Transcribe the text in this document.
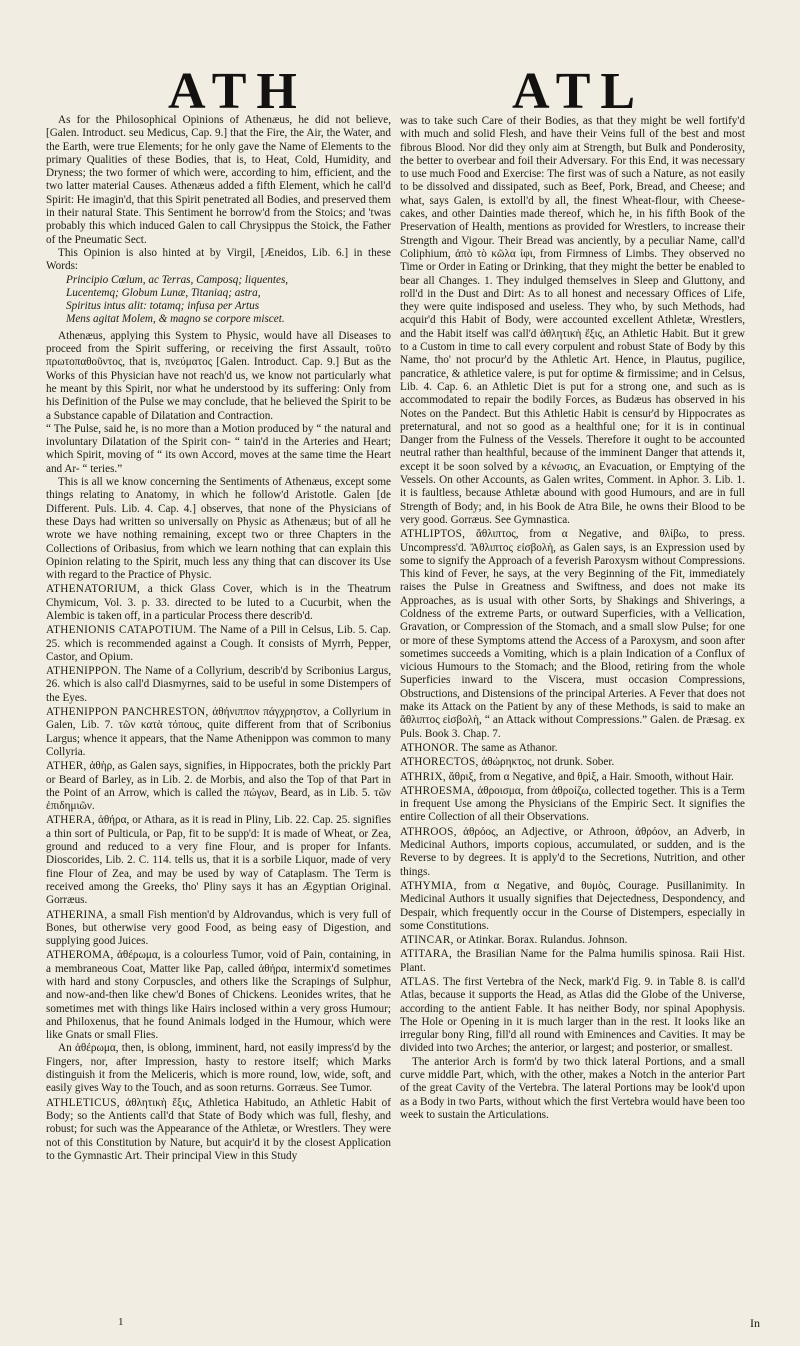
ATH	ATL

As for the Philosophical Opinions of Athenæus, he did not believe, [Galen. Introduct. seu Medicus, Cap. 9.] that the Fire, the Air, the Water, and the Earth, were true Elements; for he only gave the Name of Elements to the primary Qualities of these Bodies, that is, to Heat, Cold, Humidity, and Dryness; the two former of which were, according to him, efficient, and the two latter material Causes. Athenæus added a fifth Element, which he call'd Spirit: He imagin'd, that this Spirit penetrated all Bodies, and preserved them in their natural State. This Sentiment he borrow'd from the Stoics; and 'twas probably this which induced Galen to call Chrysippus the Stoick, the Father of the Pneumatic Sect.

This Opinion is also hinted at by Virgil, [Æneidos, Lib. 6.] in these Words:

Principio Cœlum, ac Terras, Camposq; liquentes,

Lucentemq; Globum Lunæ, Titaniaq; astra,

Spiritus intus alit: totamq; infusa per Artus

Mens agitat Molem, & magno se corpore miscet.

Athenæus, applying this System to Physic, would have all Diseases to proceed from the Spirit suffering, or receiving the first Assault, τοῦτο πρωτοπαθοῦντος, that is, πνεύματος [Galen. Introduct. Cap. 9.] But as the Works of this Physician have not reach'd us, we know not particularly what he meant by this Spirit, nor what he understood by its suffering: Only from his Definition of the Pulse we may conclude, that he believed the Spirit to be a Substance capable of Dilatation and Contraction.

“ The Pulse, said he, is no more than a Motion produced by “ the natural and involuntary Dilatation of the Spirit con- “ tain'd in the Arteries and Heart; which Spirit, moving of “ its own Accord, moves at the same time the Heart and Ar- “ teries.”

This is all we know concerning the Sentiments of Athenæus, except some things relating to Anatomy, in which he follow'd Aristotle. Galen [de Different. Puls. Lib. 4. Cap. 4.] observes, that none of the Physicians of these Days had written so universally on Physic as Athenæus; but of all he wrote we have nothing remaining, except two or three Chapters in the Collections of Oribasius, from which we learn nothing that can explain this Opinion relating to the Spirit, much less any thing that can discover its Use with regard to the Practice of Physic.

ATHENATORIUM, a thick Glass Cover, which is in the Theatrum Chymicum, Vol. 3. p. 33. directed to be luted to a Cucurbit, when the Alembic is taken off, in a particular Process there describ'd.

ATHENIONIS CATAPOTIUM. The Name of a Pill in Celsus, Lib. 5. Cap. 25. which is recommended against a Cough. It consists of Myrrh, Pepper, Castor, and Opium.

ATHENIPPON. The Name of a Collyrium, describ'd by Scribonius Largus, 26. which is also call'd Diasmyrnes, said to be useful in some Distempers of the Eyes.

ATHENIPPON PANCHRESTON, ἀθήνιππον πάγχρηστον, a Collyrium in Galen, Lib. 7. τῶν κατὰ τόπους, quite different from that of Scribonius Largus; whence it appears, that the Name Athenippon was common to many Collyria.

ATHER, ἀθὴρ, as Galen says, signifies, in Hippocrates, both the prickly Part or Beard of Barley, as in Lib. 2. de Morbis, and also the Top of that Part in the Point of an Arrow, which is called the πώγων, Beard, as in Lib. 5. τῶν ἐπιδημιῶν.

ATHERA, ἀθήρα, or Athara, as it is read in Pliny, Lib. 22. Cap. 25. signifies a thin sort of Pulticula, or Pap, fit to be supp'd: It is made of Wheat, or Zea, ground and reduced to a very fine Flour, and is proper for Infants. Dioscorides, Lib. 2. C. 114. tells us, that it is a sorbile Liquor, made of very fine Flour of Zea, and may be used by way of Cataplasm. The Term is received among the Greeks, tho' Pliny says it has an Ægyptian Original. Gorræus.

ATHERINA, a small Fish mention'd by Aldrovandus, which is very full of Bones, but otherwise very good Food, as being easy of Digestion, and supplying good Juices.

ATHEROMA, ἀθέρωμα, is a colourless Tumor, void of Pain, containing, in a membraneous Coat, Matter like Pap, called ἀθήρα, intermix'd sometimes with hard and stony Corpuscles, and others like the Scrapings of Sulphur, and now-and-then like chew'd Bones of Chickens. Leonides writes, that he sometimes met with things like Hairs inclosed within a very gross Humour; and Philoxenus, that he found Animals lodged in the Humour, which were like Gnats or small Flies.

An ἀθέρωμα, then, is oblong, imminent, hard, not easily impress'd by the Fingers, nor, after Impression, hasty to restore itself; which Marks distinguish it from the Meliceris, which is more round, low, wide, soft, and easily gives Way to the Touch, and as soon returns. Gorræus. See Tumor.

ATHLETICUS, ἀθλητικὴ ἕξις, Athletica Habitudo, an Athletic Habit of Body; so the Antients call'd that State of Body which was full, fleshy, and robust; for such was the Appearance of the Athletæ, or Wrestlers. They were not of this Constitution by Nature, but acquir'd it by the closest Application to the Gymnastic Art. Their principal View in this Study

was to take such Care of their Bodies, as that they might be well fortify'd with much and solid Flesh, and have their Veins full of the best and most fibrous Blood. Nor did they only aim at Strength, but Bulk and Ponderosity, the better to overbear and foil their Adversary. For this End, it was necessary to use much Food and Exercise: The first was of such a Nature, as not easily to be dissolved and dissipated, such as Beef, Pork, Bread, and Cheese; and what, says Galen, is extoll'd by all, the finest Wheat-flour, with Cheese-cakes, and other Dainties made thereof, which he, in his fifth Book of the Preservation of Health, mentions as provided for Wrestlers, to increase their Strength and Vigour. Their Bread was anciently, by a peculiar Name, call'd Coliphium, ἀπὸ τὸ κῶλα ἰφι, from Firmness of Limbs. They observed no Time or Order in Eating or Drinking, that they might the better be enabled to bear all Changes. 1. They indulged themselves in Sleep and Gluttony, and roll'd in the Dust and Dirt: As to all honest and necessary Offices of Life, they were quite indisposed and useless. They who, by such Methods, had acquir'd this Habit of Body, were accounted excellent Athletæ, Wrestlers, and the Habit itself was call'd ἀθλητικὴ ἕξις, an Athletic Habit. But it grew to a Custom in time to call every corpulent and robust State of Body by this Name, tho' not procur'd by the Athletic Art. Hence, in Plautus, pugilice, pancratice, & athletice valere, is put for optime & firmissime; and in Celsus, Lib. 4. Cap. 6. an Athletic Diet is put for a strong one, and such as is accommodated to repair the bodily Forces, as Budæus has observed in his Notes on the Pandect. But this Athletic Habit is censur'd by Hippocrates as preternatural, and not so good as a healthful one; for it is in continual Danger from the Fulness of the Vessels. Therefore it ought to be accounted neutral rather than healthful, because of the imminent Danger that attends it, except it be soon solved by a κένωσις, an Evacuation, or Emptying of the Vessels. On other Accounts, as Galen writes, Comment. in Aphor. 3. Lib. 1. it is faultless, because Athletæ abound with good Humours, and are in full Strength of Body; and, in his Book de Atra Bile, he owns their Blood to be very good. Gorræus. See Gymnastica.

ATHLIPTOS, ἄθλιπτος, from α Negative, and θλίβω, to press. Uncompress'd. Ἄθλιπτος εἰσβολὴ, as Galen says, is an Expression used by some to signify the Approach of a feverish Paroxysm without Compressions. This kind of Fever, he says, at the very Beginning of the Fit, immediately raises the Pulse in Greatness and Swiftness, and does not make its Approaches, as is usual with other Sorts, by Shakings and Shiverings, a Coldness of the extreme Parts, or outward Superficies, with a Vellication, Gravation, or Compression of the Stomach, and a small slow Pulse; for one or more of these Symptoms attend the Access of a Paroxysm, and soon after sometimes succeeds a Vomiting, which is a plain Indication of a Conflux of vicious Humours to the Stomach; and the Blood, retiring from the whole Superficies inward to the Viscera, must occasion Compressions, Obstructions, and Distensions of the principal Arteries. A Fever that does not make its Attack on the Patient by any of these Methods, is said to make an ἄθλιπτος εἰσβολὴ, “ an Attack without Compressions.” Galen. de Præsag. ex Puls. Book 3. Chap. 7.

ATHONOR. The same as Athanor.

ATHORECTOS, ἀθώρηκτος, not drunk. Sober.

ATHRIX, ἄθριξ, from α Negative, and θρὶξ, a Hair. Smooth, without Hair.

ATHROESMA, ἀθροισμα, from ἀθροίζω, collected together. This is a Term in frequent Use among the Physicians of the Empiric Sect. It signifies the entire Collection of all their Observations.

ATHROOS, ἀθρόος, an Adjective, or Athroon, ἀθρόον, an Adverb, in Medicinal Authors, imports copious, accumulated, or sudden, and is the Reverse to by degrees. It is apply'd to the Secretions, Nutrition, and other things.

ATHYMIA, from α Negative, and θυμὸς, Courage. Pusillanimity. In Medicinal Authors it usually signifies that Dejectedness, Despondency, and Despair, which frequently occur in the Course of Distempers, especially in some Constitutions.

ATINCAR, or Atinkar. Borax. Rulandus. Johnson.

ATITARA, the Brasilian Name for the Palma humilis spinosa. Raii Hist. Plant.

ATLAS. The first Vertebra of the Neck, mark'd Fig. 9. in Table 8. is call'd Atlas, because it supports the Head, as Atlas did the Globe of the Universe, according to the antient Fable. It has neither Body, nor spinal Apophysis. The Hole or Opening in it is much larger than in the rest. It looks like an irregular bony Ring, fill'd all round with Eminences and Cavities. It may be divided into two Arches; the anterior, or largest; and posterior, or smallest.

The anterior Arch is form'd by two thick lateral Portions, and a small curve middle Part, which, with the other, makes a Notch in the anterior Part of the great Cavity of the Vertebra. The lateral Portions may be look'd upon as a Body in two Parts, without which the first Vertebra would have been too week to sustain the Articulations.

1	In
